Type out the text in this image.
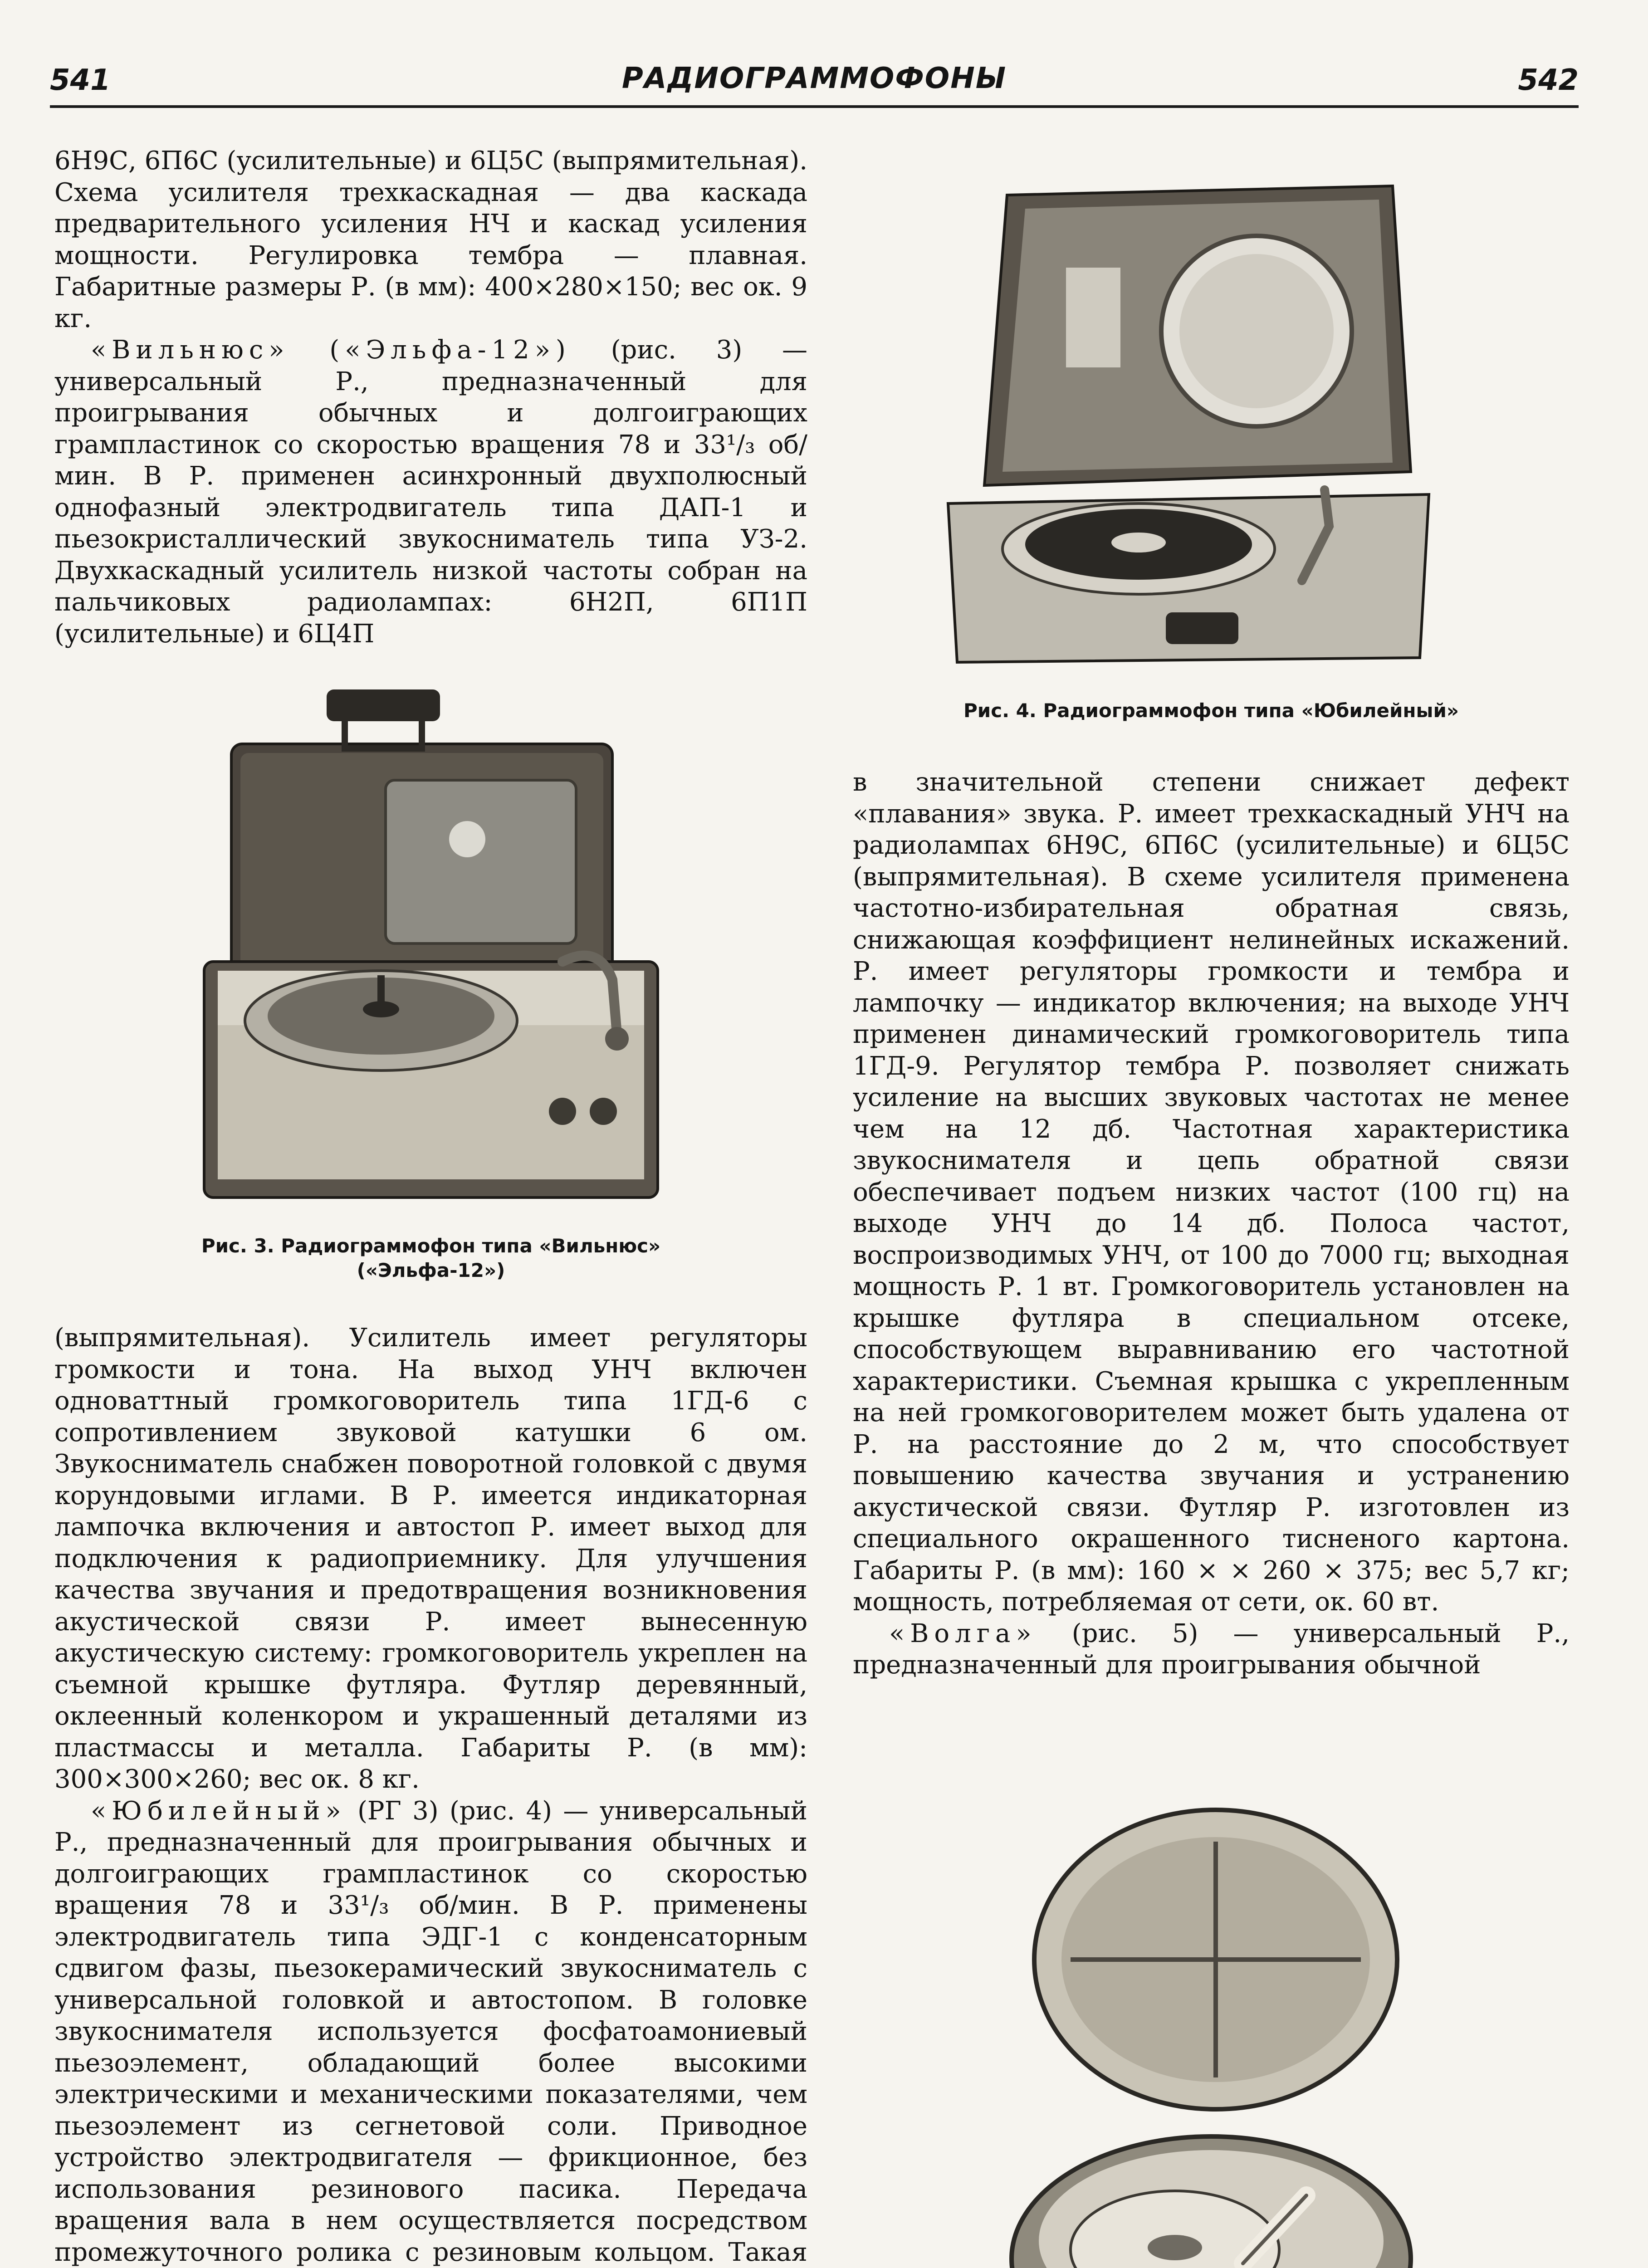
541	РАДИОГРАММОФОНЫ	542

6Н9С, 6П6С (усилительные) и 6Ц5С (выпрямительная). Схема усилителя трехкаскадная — два каскада предварительного усиления НЧ и каскад усиления мощности. Регулировка тембра — плавная. Габаритные размеры Р. (в мм): 400×280×150; вес ок. 9 кг.

«Вильнюс» («Эльфа-12») (рис. 3) — универсальный Р., предназначенный для проигрывания обычных и долгоиграющих грампластинок со скоростью вращения 78 и 33¹/₃ об/мин. В Р. применен асинхронный двухполюсный однофазный электродвигатель типа ДАП-1 и пьезокристаллический звукосниматель типа УЗ-2. Двухкаскадный усилитель низкой частоты собран на пальчиковых радиолампах: 6Н2П, 6П1П (усилительные) и 6Ц4П

Рис. 3. Радиограммофон типа «Вильнюс»
(«Эльфа-12»)

(выпрямительная). Усилитель имеет регуляторы громкости и тона. На выход УНЧ включен одноваттный громкоговоритель типа 1ГД-6 с сопротивлением звуковой катушки 6 ом. Звукосниматель снабжен поворотной головкой с двумя корундовыми иглами. В Р. имеется индикаторная лампочка включения и автостоп Р. имеет выход для подключения к радиоприемнику. Для улучшения качества звучания и предотвращения возникновения акустической связи Р. имеет вынесенную акустическую систему: громкоговоритель укреплен на съемной крышке футляра. Футляр деревянный, оклеенный коленкором и украшенный деталями из пластмассы и металла. Габариты Р. (в мм): 300×300×260; вес ок. 8 кг.

«Юбилейный» (РГ 3) (рис. 4) — универсальный Р., предназначенный для проигрывания обычных и долгоиграющих грампластинок со скоростью вращения 78 и 33¹/₃ об/мин. В Р. применены электродвигатель типа ЭДГ-1 с конденсаторным сдвигом фазы, пьезокерамический звукосниматель с универсальной головкой и автостопом. В головке звукоснимателя используется фосфатоамониевый пьезоэлемент, обладающий более высокими электрическими и механическими показателями, чем пьезоэлемент из сегнетовой соли. Приводное устройство электродвигателя — фрикционное, без использования резинового пасика. Передача вращения вала в нем осуществляется посредством промежуточного ролика с резиновым кольцом. Такая

Рис. 4. Радиограммофон типа «Юбилейный»

в значительной степени снижает дефект «плавания» звука. Р. имеет трехкаскадный УНЧ на радиолампах 6Н9С, 6П6С (усилительные) и 6Ц5С (выпрямительная). В схеме усилителя применена частотно-избирательная обратная связь, снижающая коэффициент нелинейных искажений. Р. имеет регуляторы громкости и тембра и лампочку — индикатор включения; на выходе УНЧ применен динамический громкоговоритель типа 1ГД-9. Регулятор тембра Р. позволяет снижать усиление на высших звуковых частотах не менее чем на 12 дб. Частотная характеристика звукоснимателя и цепь обратной связи обеспечивает подъем низких частот (100 гц) на выходе УНЧ до 14 дб. Полоса частот, воспроизводимых УНЧ, от 100 до 7000 гц; выходная мощность Р. 1 вт. Громкоговоритель установлен на крышке футляра в специальном отсеке, способствующем выравниванию его частотной характеристики. Съемная крышка с укрепленным на ней громкоговорителем может быть удалена от Р. на расстояние до 2 м, что способствует повышению качества звучания и устранению акустической связи. Футляр Р. изготовлен из специального окрашенного тисненого картона. Габариты Р. (в мм): 160 × × 260 × 375; вес 5,7 кг; мощность, потребляемая от сети, ок. 60 вт.

«Волга» (рис. 5) — универсальный Р., предназначенный для проигрывания обычной
